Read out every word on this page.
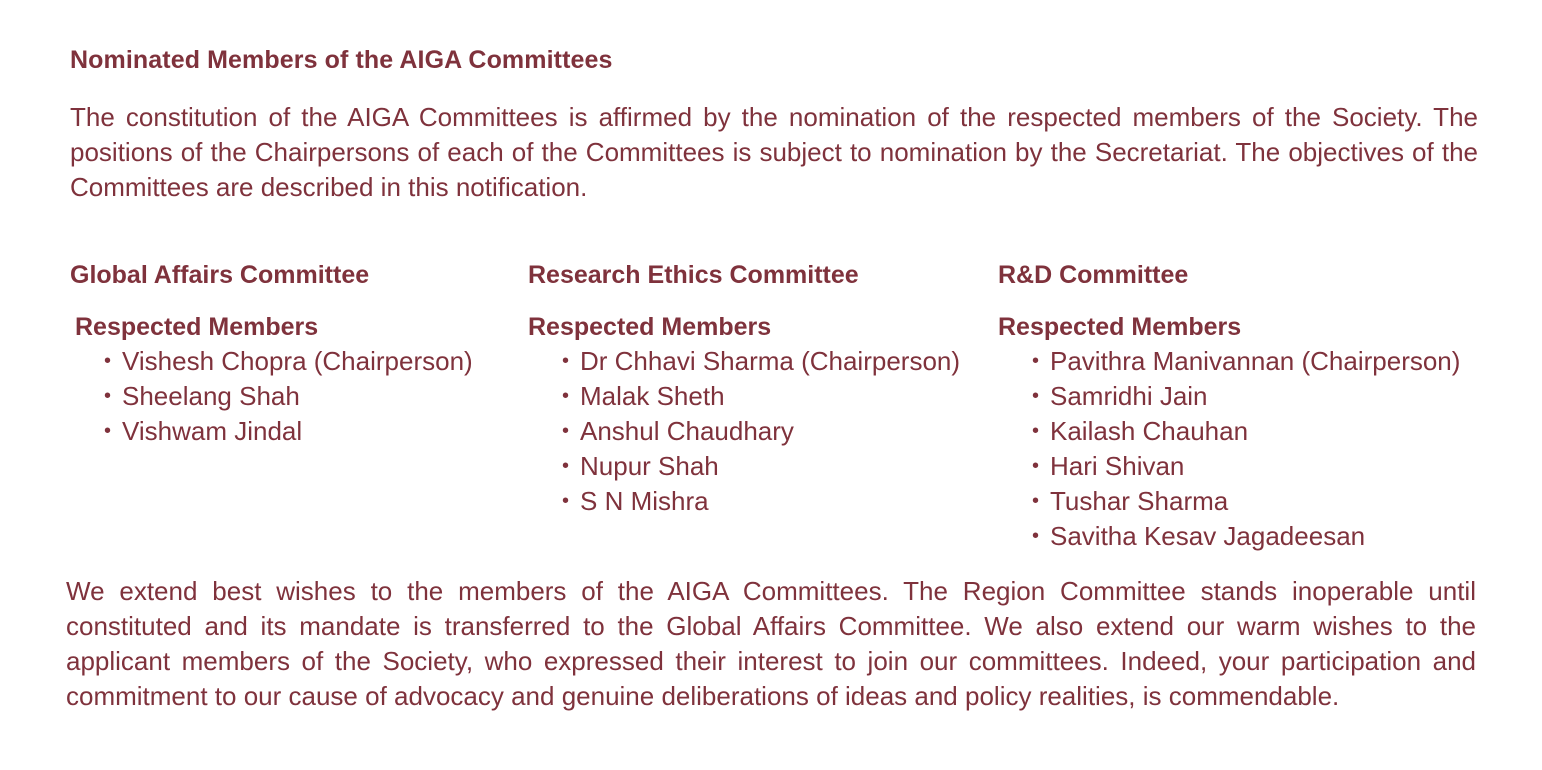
Nominated Members of the AIGA Committees
The constitution of the AIGA Committees is affirmed by the nomination of the respected members of the Society. The positions of the Chairpersons of each of the Committees is subject to nomination by the Secretariat. The objectives of the Committees are described in this notification.
Global Affairs Committee
Respected Members
• Vishesh Chopra (Chairperson)
• Sheelang Shah
• Vishwam Jindal
Research Ethics Committee
Respected Members
• Dr Chhavi Sharma (Chairperson)
• Malak Sheth
• Anshul Chaudhary
• Nupur Shah
• S N Mishra
R&D Committee
Respected Members
• Pavithra Manivannan (Chairperson)
• Samridhi Jain
• Kailash Chauhan
• Hari Shivan
• Tushar Sharma
• Savitha Kesav Jagadeesan
We extend best wishes to the members of the AIGA Committees. The Region Committee stands inoperable until constituted and its mandate is transferred to the Global Affairs Committee. We also extend our warm wishes to the applicant members of the Society, who expressed their interest to join our committees. Indeed, your participation and commitment to our cause of advocacy and genuine deliberations of ideas and policy realities, is commendable.
